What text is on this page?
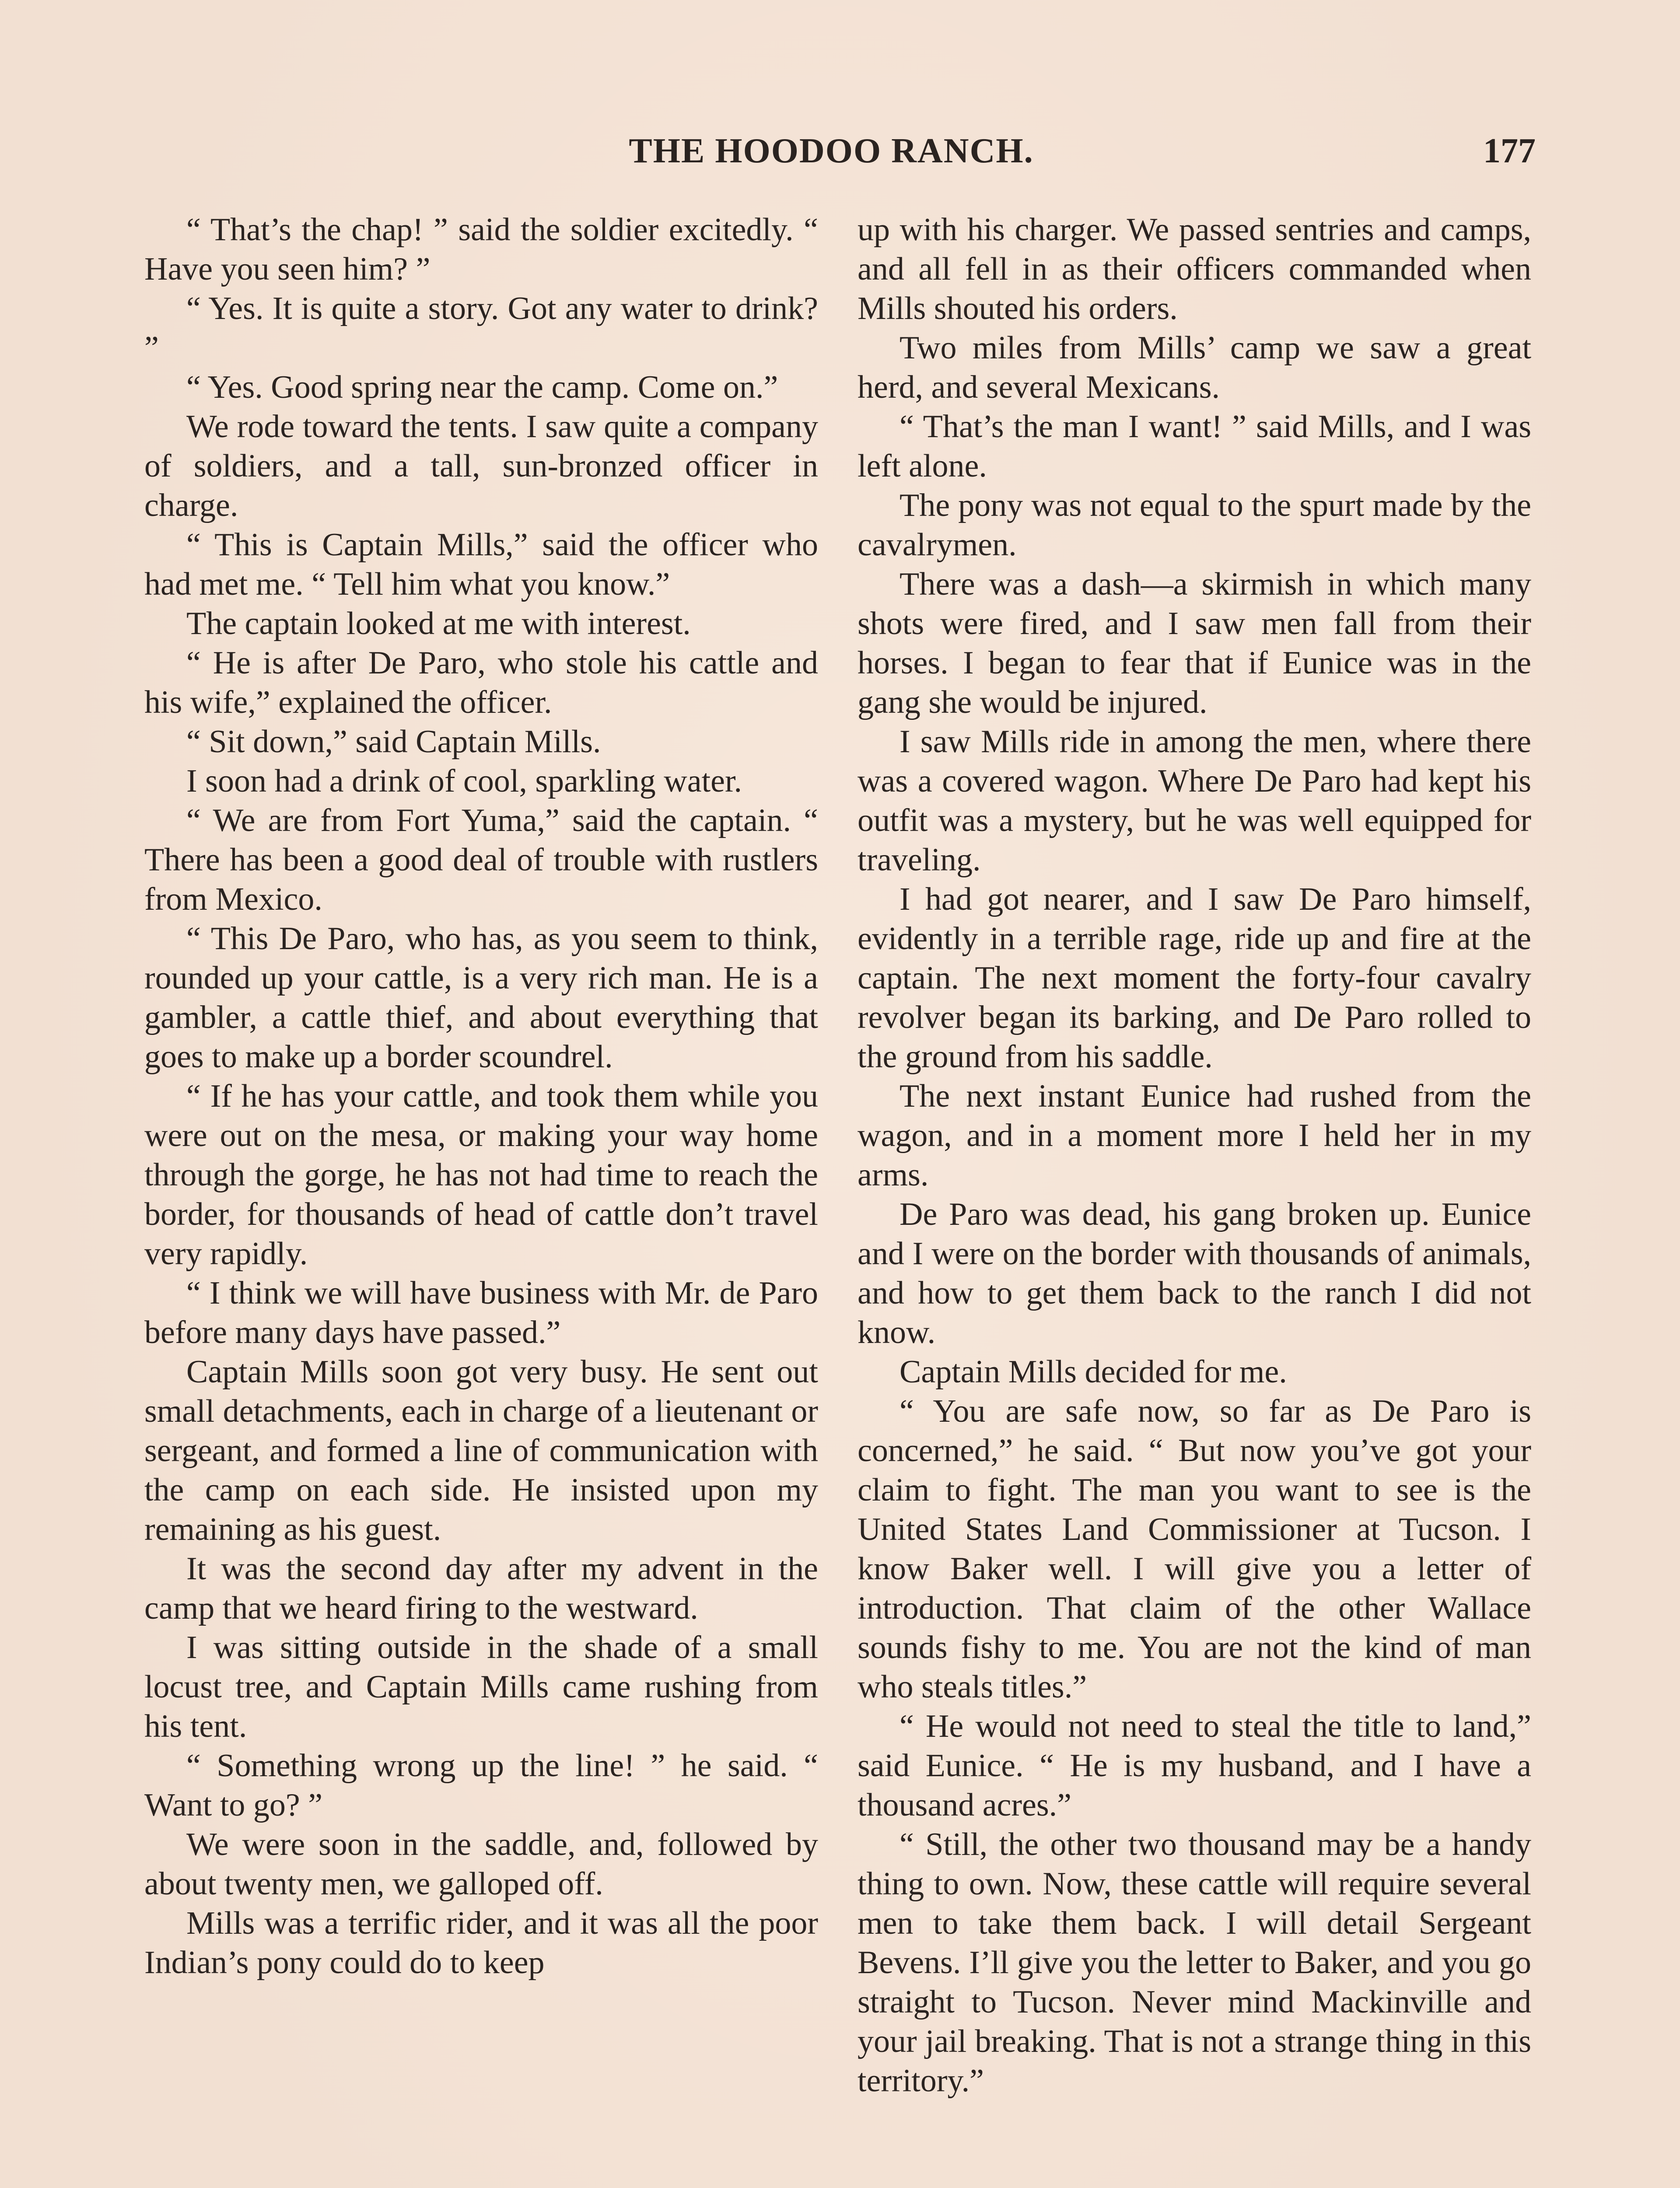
THE HOODOO RANCH.	177

“ That’s the chap! ” said the soldier excitedly. “ Have you seen him? ”

“ Yes. It is quite a story. Got any water to drink? ”

“ Yes. Good spring near the camp. Come on.”

We rode toward the tents. I saw quite a company of soldiers, and a tall, sun-bronzed officer in charge.

“ This is Captain Mills,” said the officer who had met me. “ Tell him what you know.”

The captain looked at me with interest.

“ He is after De Paro, who stole his cattle and his wife,” explained the officer.

“ Sit down,” said Captain Mills.

I soon had a drink of cool, sparkling water.

“ We are from Fort Yuma,” said the captain. “ There has been a good deal of trouble with rustlers from Mexico.

“ This De Paro, who has, as you seem to think, rounded up your cattle, is a very rich man. He is a gambler, a cattle thief, and about everything that goes to make up a border scoundrel.

“ If he has your cattle, and took them while you were out on the mesa, or making your way home through the gorge, he has not had time to reach the border, for thousands of head of cattle don’t travel very rapidly.

“ I think we will have business with Mr. de Paro before many days have passed.”

Captain Mills soon got very busy. He sent out small detachments, each in charge of a lieutenant or sergeant, and formed a line of communication with the camp on each side. He insisted upon my remaining as his guest.

It was the second day after my advent in the camp that we heard firing to the westward.

I was sitting outside in the shade of a small locust tree, and Captain Mills came rushing from his tent.

“ Something wrong up the line! ” he said. “ Want to go? ”

We were soon in the saddle, and, followed by about twenty men, we galloped off.

Mills was a terrific rider, and it was all the poor Indian’s pony could do to keep

up with his charger. We passed sentries and camps, and all fell in as their officers commanded when Mills shouted his orders.

Two miles from Mills’ camp we saw a great herd, and several Mexicans.

“ That’s the man I want! ” said Mills, and I was left alone.

The pony was not equal to the spurt made by the cavalrymen.

There was a dash—a skirmish in which many shots were fired, and I saw men fall from their horses. I began to fear that if Eunice was in the gang she would be injured.

I saw Mills ride in among the men, where there was a covered wagon. Where De Paro had kept his outfit was a mystery, but he was well equipped for traveling.

I had got nearer, and I saw De Paro himself, evidently in a terrible rage, ride up and fire at the captain. The next moment the forty-four cavalry revolver began its barking, and De Paro rolled to the ground from his saddle.

The next instant Eunice had rushed from the wagon, and in a moment more I held her in my arms.

De Paro was dead, his gang broken up. Eunice and I were on the border with thousands of animals, and how to get them back to the ranch I did not know.

Captain Mills decided for me.

“ You are safe now, so far as De Paro is concerned,” he said. “ But now you’ve got your claim to fight. The man you want to see is the United States Land Commissioner at Tucson. I know Baker well. I will give you a letter of introduction. That claim of the other Wallace sounds fishy to me. You are not the kind of man who steals titles.”

“ He would not need to steal the title to land,” said Eunice. “ He is my husband, and I have a thousand acres.”

“ Still, the other two thousand may be a handy thing to own. Now, these cattle will require several men to take them back. I will detail Sergeant Bevens. I’ll give you the letter to Baker, and you go straight to Tucson. Never mind Mackinville and your jail breaking. That is not a strange thing in this territory.”
